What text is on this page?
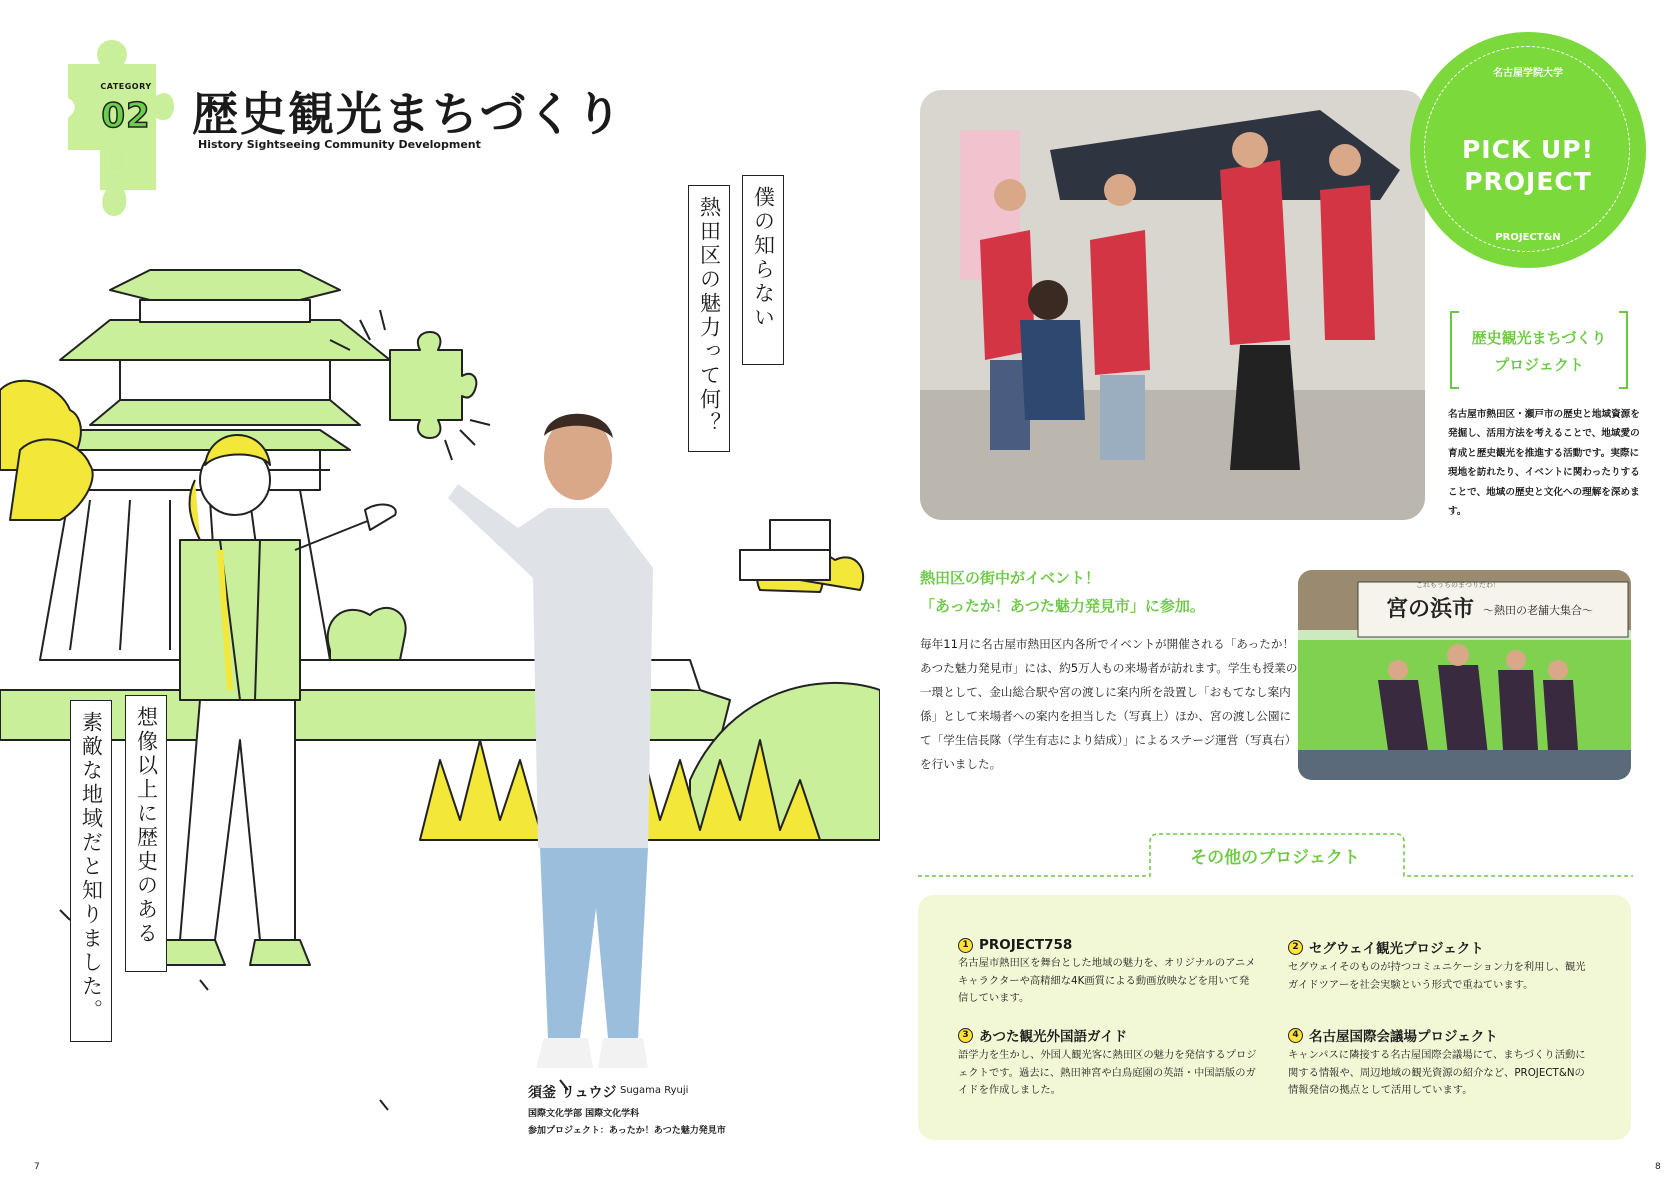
CATEGORY
02 歴史観光まちづくり
History Sightseeing Community Development
僕の知らない
熱田区の魅力って何？
想像以上に歴史のある
素敵な地域だと知りました。
須釜 リュウジ Sugama Ryuji
国際文化学部 国際文化学科
参加プロジェクト：あったか！あつた魅力発見市
7
名古屋学院大学
PICK UP!
PROJECT
PROJECT&N
歴史観光まちづくり
プロジェクト
名古屋市熱田区・瀬戸市の歴史と地域資源を発掘し、活用方法を考えることで、地域愛の育成と歴史観光を推進する活動です。実際に現地を訪れたり、イベントに関わったりすることで、地域の歴史と文化への理解を深めます。
熱田区の街中がイベント！
「あったか！あつた魅力発見市」に参加。
毎年11月に名古屋市熱田区内各所でイベントが開催される「あったか！あつた魅力発見市」には、約5万人もの来場者が訪れます。学生も授業の一環として、金山総合駅や宮の渡しに案内所を設置し「おもてなし案内係」として来場者への案内を担当した（写真上）ほか、宮の渡し公園にて「学生信長隊（学生有志により結成）」によるステージ運営（写真右）を行いました。
これもうちのまつりだわ！
宮の浜市 〜熱田の老舗大集合〜
その他のプロジェクト
1 PROJECT758
名古屋市熱田区を舞台とした地域の魅力を、オリジナルのアニメキャラクターや高精細な4K画質による動画放映などを用いて発信しています。
2 セグウェイ観光プロジェクト
セグウェイそのものが持つコミュニケーション力を利用し、観光ガイドツアーを社会実験という形式で重ねています。
3 あつた観光外国語ガイド
語学力を生かし、外国人観光客に熱田区の魅力を発信するプロジェクトです。過去に、熱田神宮や白鳥庭園の英語・中国語版のガイドを作成しました。
4 名古屋国際会議場プロジェクト
キャンパスに隣接する名古屋国際会議場にて、まちづくり活動に関する情報や、周辺地域の観光資源の紹介など、PROJECT&Nの情報発信の拠点として活用しています。
8
